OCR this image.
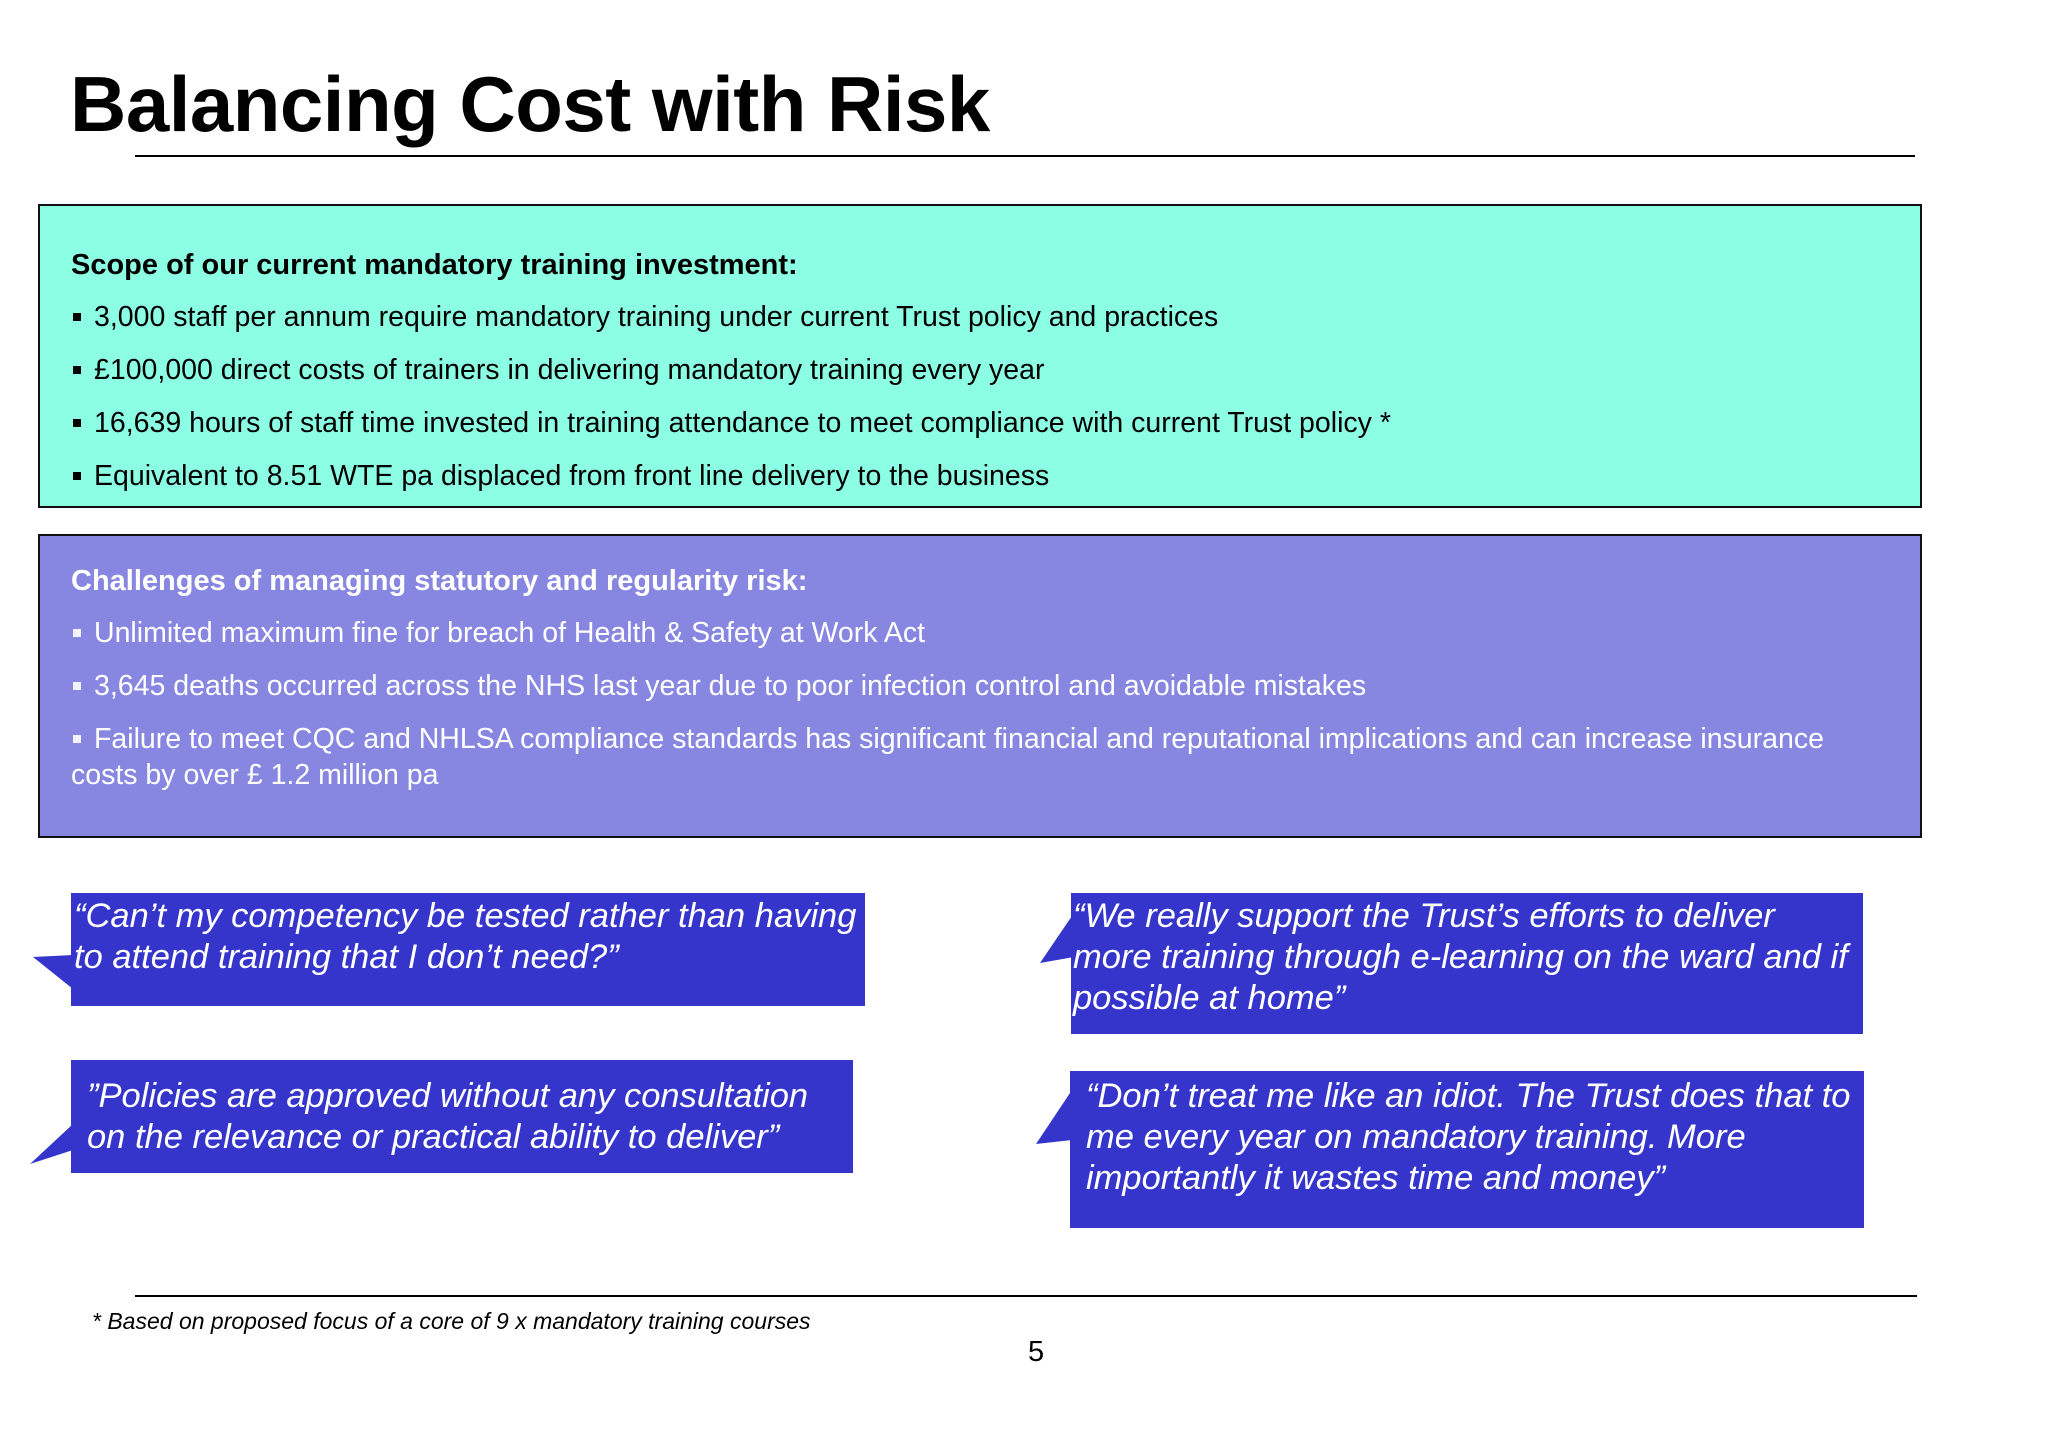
Balancing Cost with Risk
Scope of our current mandatory training investment:
3,000 staff per annum require mandatory training under current Trust policy and practices
£100,000 direct costs of trainers in delivering mandatory training every year
16,639 hours of staff time invested in training attendance to meet compliance with current Trust policy *
Equivalent to 8.51 WTE pa displaced from front line delivery to the business
Challenges of managing statutory and regularity risk:
Unlimited maximum fine for breach of Health & Safety at Work Act
3,645 deaths occurred across the NHS last year due to poor infection control and avoidable mistakes
Failure to meet CQC and NHLSA compliance standards has significant financial and reputational implications and can increase insurance costs by over £ 1.2 million pa
“Can’t my competency be tested rather than having to attend training that I don’t need?”
“We really support the Trust’s efforts to deliver more training through e-learning on the ward and if possible at home”
”Policies are approved without any consultation on the relevance or practical ability to deliver”
“Don’t treat me like an idiot. The Trust does that to me every year on mandatory training. More importantly it wastes time and money”

* Based on proposed focus of a core of 9 x mandatory training courses

5
